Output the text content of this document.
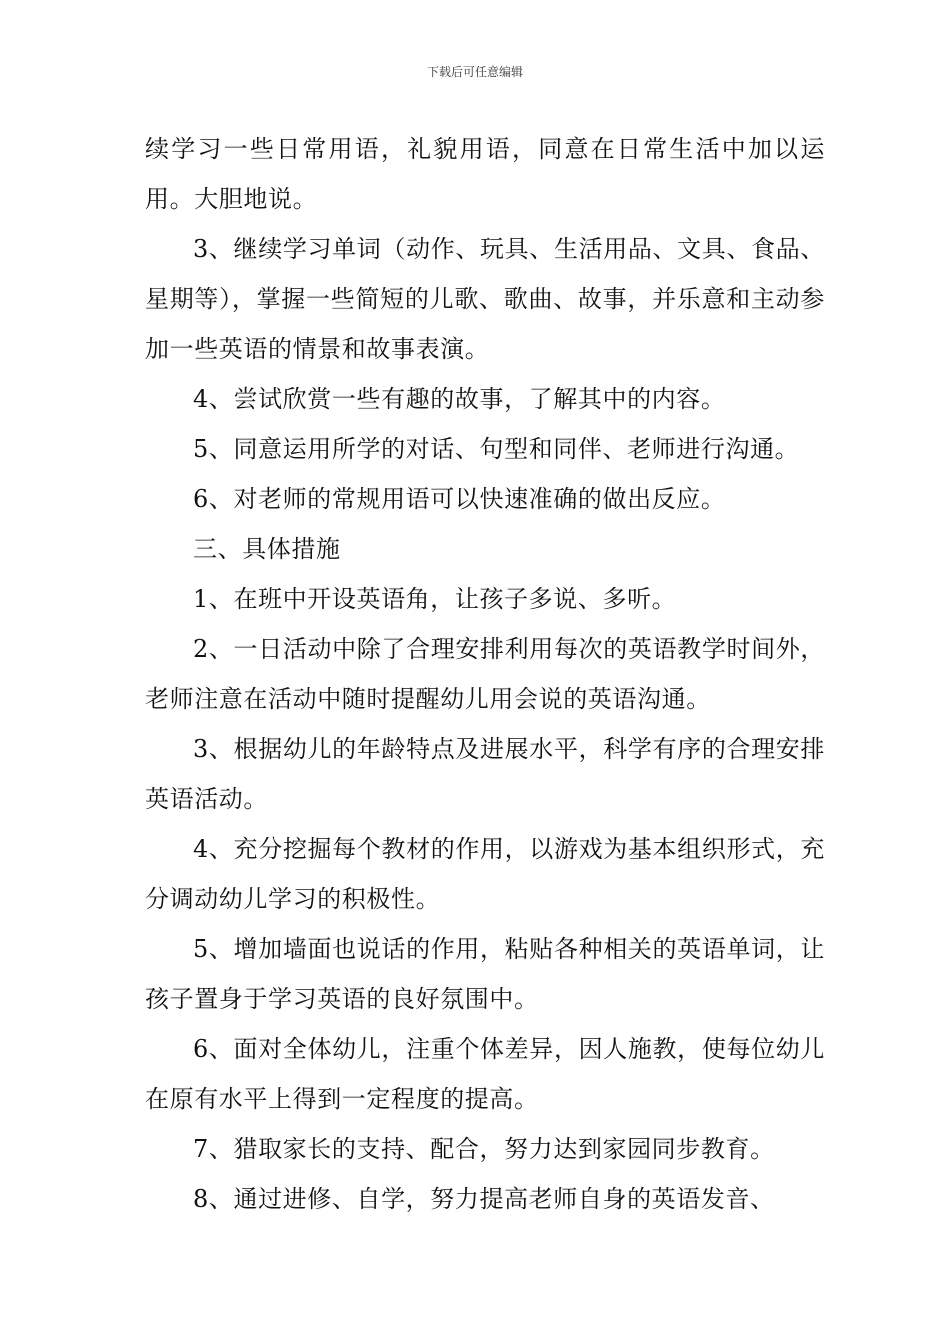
下载后可任意编辑

续学习一些日常用语，礼貌用语，同意在日常生活中加以运用。大胆地说。

3、继续学习单词（动作、玩具、生活用品、文具、食品、星期等），掌握一些简短的儿歌、歌曲、故事，并乐意和主动参加一些英语的情景和故事表演。

4、尝试欣赏一些有趣的故事，了解其中的内容。

5、同意运用所学的对话、句型和同伴、老师进行沟通。

6、对老师的常规用语可以快速准确的做出反应。

三、具体措施

1、在班中开设英语角，让孩子多说、多听。

2、一日活动中除了合理安排利用每次的英语教学时间外，老师注意在活动中随时提醒幼儿用会说的英语沟通。

3、根据幼儿的年龄特点及进展水平，科学有序的合理安排英语活动。

4、充分挖掘每个教材的作用，以游戏为基本组织形式，充分调动幼儿学习的积极性。

5、增加墙面也说话的作用，粘贴各种相关的英语单词，让孩子置身于学习英语的良好氛围中。

6、面对全体幼儿，注重个体差异，因人施教，使每位幼儿在原有水平上得到一定程度的提高。

7、猎取家长的支持、配合，努力达到家园同步教育。

8、通过进修、自学，努力提高老师自身的英语发音、
